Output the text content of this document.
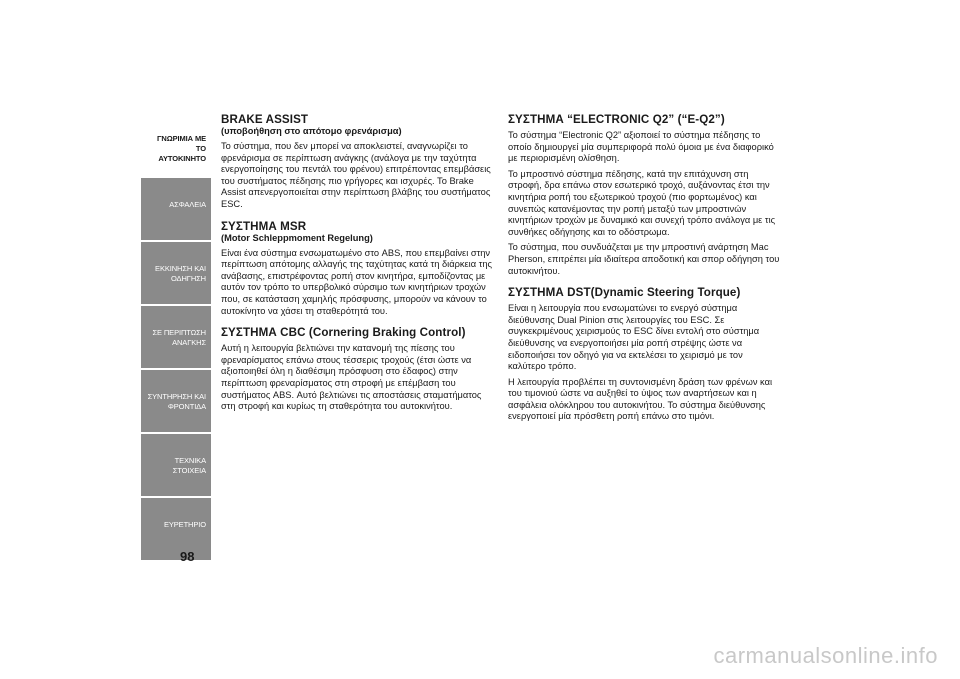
ΓΝΩΡΙΜΙΑ ΜΕ ΤΟ
ΑΥΤΟΚΙΝΗΤΟ
ΑΣΦΑΛΕΙΑ
ΕΚΚΙΝΗΣΗ ΚΑΙ
ΟΔΗΓΗΣΗ
ΣΕ ΠΕΡΙΠΤΩΣΗ
ΑΝΑΓΚΗΣ
ΣΥΝΤΗΡΗΣΗ ΚΑΙ
ΦΡΟΝΤΙΔΑ
ΤΕΧΝΙΚΑ ΣΤΟΙΧΕΙΑ
ΕΥΡΕΤΗΡΙΟ
98
BRAKE ASSIST
(υποβοήθηση στο απότομο φρενάρισμα)

Το σύστημα, που δεν μπορεί να αποκλειστεί, αναγνωρίζει το φρενάρισμα σε περίπτωση ανάγκης (ανάλογα με την ταχύτητα ενεργοποίησης του πεντάλ του φρένου) επιτρέποντας επεμβάσεις του συστήματος πέδησης πιο γρήγορες και ισχυρές. Το Brake Assist απενεργοποιείται στην περίπτωση βλάβης του συστήματος ESC.

ΣΥΣΤΗΜΑ MSR
(Motor Schleppmoment Regelung)

Είναι ένα σύστημα ενσωματωμένο στο ABS, που επεμβαίνει στην περίπτωση απότομης αλλαγής της ταχύτητας κατά τη διάρκεια της ανάβασης, επιστρέφοντας ροπή στον κινητήρα, εμποδίζοντας με αυτόν τον τρόπο το υπερβολικό σύρσιμο των κινητήριων τροχών που, σε κατάσταση χαμηλής πρόσφυσης, μπορούν να κάνουν το αυτοκίνητο να χάσει τη σταθερότητά του.

ΣΥΣΤΗΜΑ CBC (Cornering Braking Control)

Αυτή η λειτουργία βελτιώνει την κατανομή της πίεσης του φρεναρίσματος επάνω στους τέσσερις τροχούς (έτσι ώστε να αξιοποιηθεί όλη η διαθέσιμη πρόσφυση στο έδαφος) στην περίπτωση φρεναρίσματος στη στροφή με επέμβαση του συστήματος ABS. Αυτό βελτιώνει τις αποστάσεις σταματήματος στη στροφή και κυρίως τη σταθερότητα του αυτοκινήτου.

ΣΥΣΤΗΜΑ “ELECTRONIC Q2” (“E-Q2”)

Το σύστημα “Electronic Q2” αξιοποιεί το σύστημα πέδησης το οποίο δημιουργεί μία συμπεριφορά πολύ όμοια με ένα διαφορικό με περιορισμένη ολίσθηση.

Το μπροστινό σύστημα πέδησης, κατά την επιτάχυνση στη στροφή, δρα επάνω στον εσωτερικό τροχό, αυξάνοντας έτσι την κινητήρια ροπή του εξωτερικού τροχού (πιο φορτωμένος) και συνεπώς κατανέμοντας την ροπή μεταξύ των μπροστινών κινητήριων τροχών με δυναμικό και συνεχή τρόπο ανάλογα με τις συνθήκες οδήγησης και το οδόστρωμα.

Το σύστημα, που συνδυάζεται με την μπροστινή ανάρτηση Mac Pherson, επιτρέπει μία ιδιαίτερα αποδοτική και σπορ οδήγηση του αυτοκινήτου.

ΣΥΣΤΗΜΑ DST(Dynamic Steering Torque)

Είναι η λειτουργία που ενσωματώνει το ενεργό σύστημα διεύθυνσης Dual Pinion στις λειτουργίες του ESC. Σε συγκεκριμένους χειρισμούς το ESC δίνει εντολή στο σύστημα διεύθυνσης να ενεργοποιήσει μία ροπή στρέψης ώστε να ειδοποιήσει τον οδηγό για να εκτελέσει το χειρισμό με τον καλύτερο τρόπο.

Η λειτουργία προβλέπει τη συντονισμένη δράση των φρένων και του τιμονιού ώστε να αυξηθεί το ύψος των αναρτήσεων και η ασφάλεια ολόκληρου του αυτοκινήτου. Το σύστημα διεύθυνσης ενεργοποιεί μία πρόσθετη ροπή επάνω στο τιμόνι.

carmanualsonline.info
